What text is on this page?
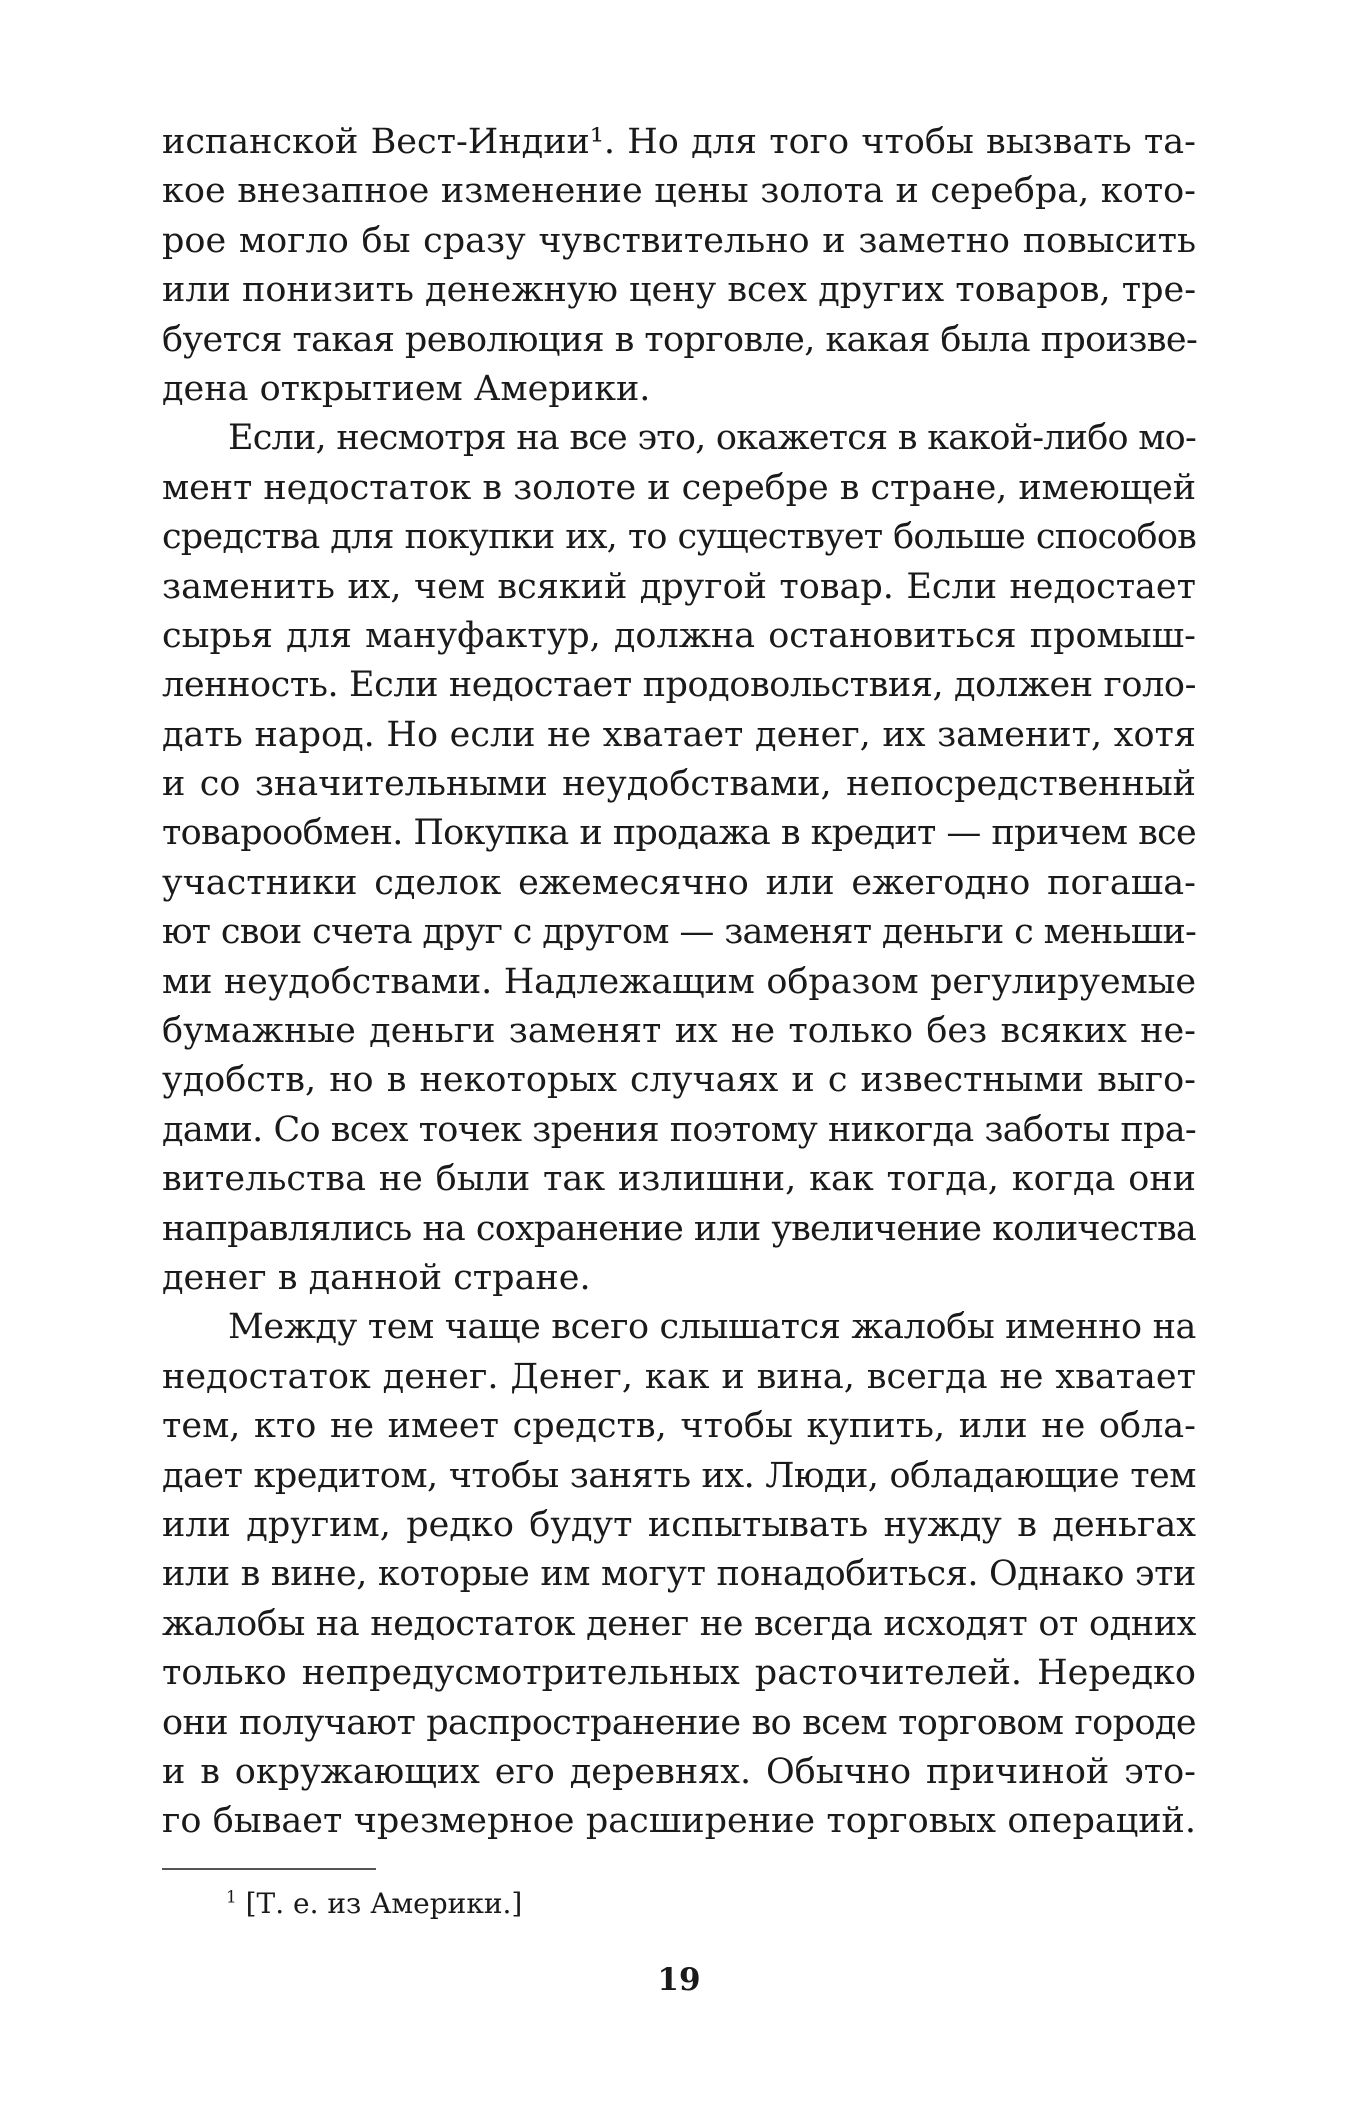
испанской Вест-Индии¹. Но для того чтобы вызвать та-
кое внезапное изменение цены золота и серебра, кото-
рое могло бы сразу чувствительно и заметно повысить
или понизить денежную цену всех других товаров, тре-
буется такая революция в торговле, какая была произве-
дена открытием Америки.
Если, несмотря на все это, окажется в какой-либо мо-
мент недостаток в золоте и серебре в стране, имеющей
средства для покупки их, то существует больше способов
заменить их, чем всякий другой товар. Если недостает
сырья для мануфактур, должна остановиться промыш-
ленность. Если недостает продовольствия, должен голо-
дать народ. Но если не хватает денег, их заменит, хотя
и со значительными неудобствами, непосредственный
товарообмен. Покупка и продажа в кредит — причем все
участники сделок ежемесячно или ежегодно погаша-
ют свои счета друг с другом — заменят деньги с меньши-
ми неудобствами. Надлежащим образом регулируемые
бумажные деньги заменят их не только без всяких не-
удобств, но в некоторых случаях и с известными выго-
дами. Со всех точек зрения поэтому никогда заботы пра-
вительства не были так излишни, как тогда, когда они
направлялись на сохранение или увеличение количества
денег в данной стране.
Между тем чаще всего слышатся жалобы именно на
недостаток денег. Денег, как и вина, всегда не хватает
тем, кто не имеет средств, чтобы купить, или не обла-
дает кредитом, чтобы занять их. Люди, обладающие тем
или другим, редко будут испытывать нужду в деньгах
или в вине, которые им могут понадобиться. Однако эти
жалобы на недостаток денег не всегда исходят от одних
только непредусмотрительных расточителей. Нередко
они получают распространение во всем торговом городе
и в окружающих его деревнях. Обычно причиной это-
го бывает чрезмерное расширение торговых операций.
$^1$ [Т. е. из Америки.]
19
